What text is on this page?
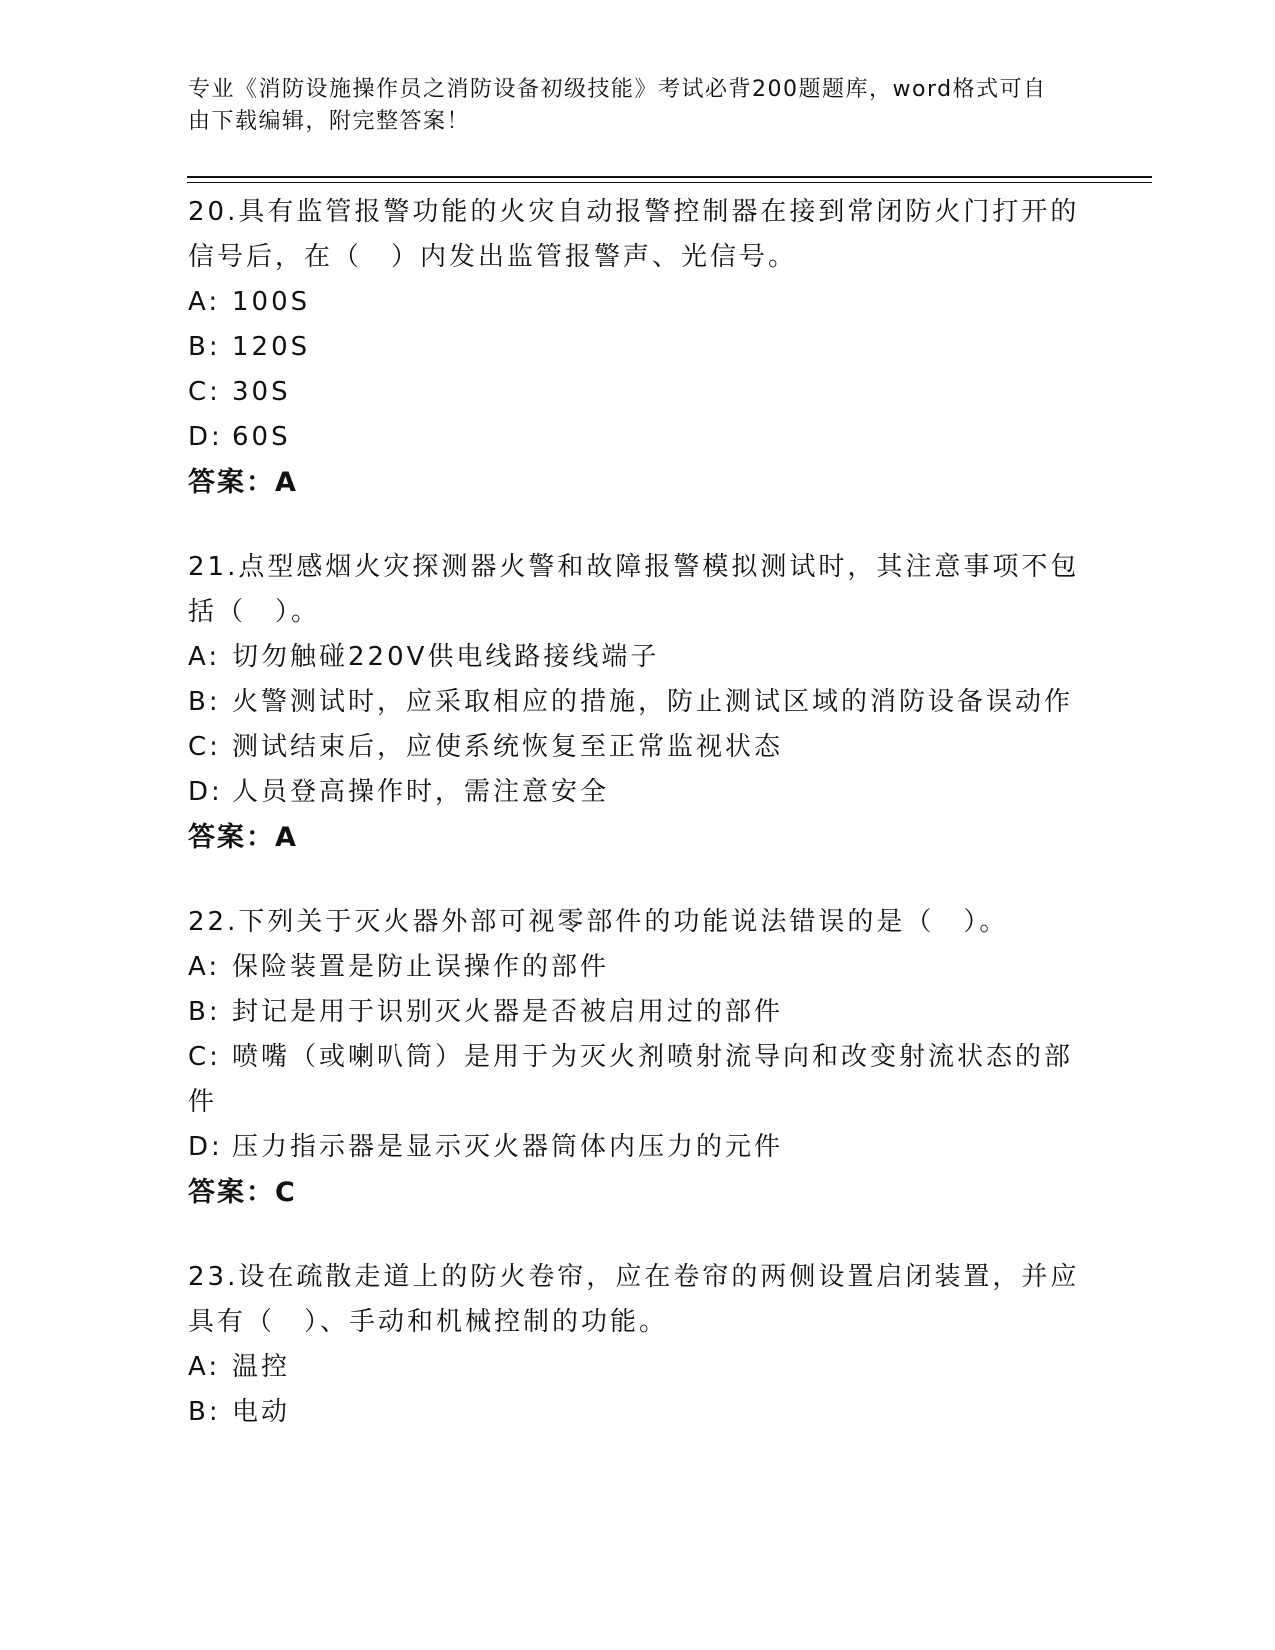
专业《消防设施操作员之消防设备初级技能》考试必背200题题库，word格式可自由下载编辑，附完整答案！

20.具有监管报警功能的火灾自动报警控制器在接到常闭防火门打开的信号后，在（　）内发出监管报警声、光信号。

A: 100S

B: 120S

C: 30S

D: 60S

答案：A

21.点型感烟火灾探测器火警和故障报警模拟测试时，其注意事项不包括（　）。

A: 切勿触碰220V供电线路接线端子

B: 火警测试时，应采取相应的措施，防止测试区域的消防设备误动作

C: 测试结束后，应使系统恢复至正常监视状态

D: 人员登高操作时，需注意安全

答案：A

22.下列关于灭火器外部可视零部件的功能说法错误的是（　）。

A: 保险装置是防止误操作的部件

B: 封记是用于识别灭火器是否被启用过的部件

C: 喷嘴（或喇叭筒）是用于为灭火剂喷射流导向和改变射流状态的部件

D: 压力指示器是显示灭火器筒体内压力的元件

答案：C

23.设在疏散走道上的防火卷帘，应在卷帘的两侧设置启闭装置，并应具有（　）、手动和机械控制的功能。

A: 温控

B: 电动
